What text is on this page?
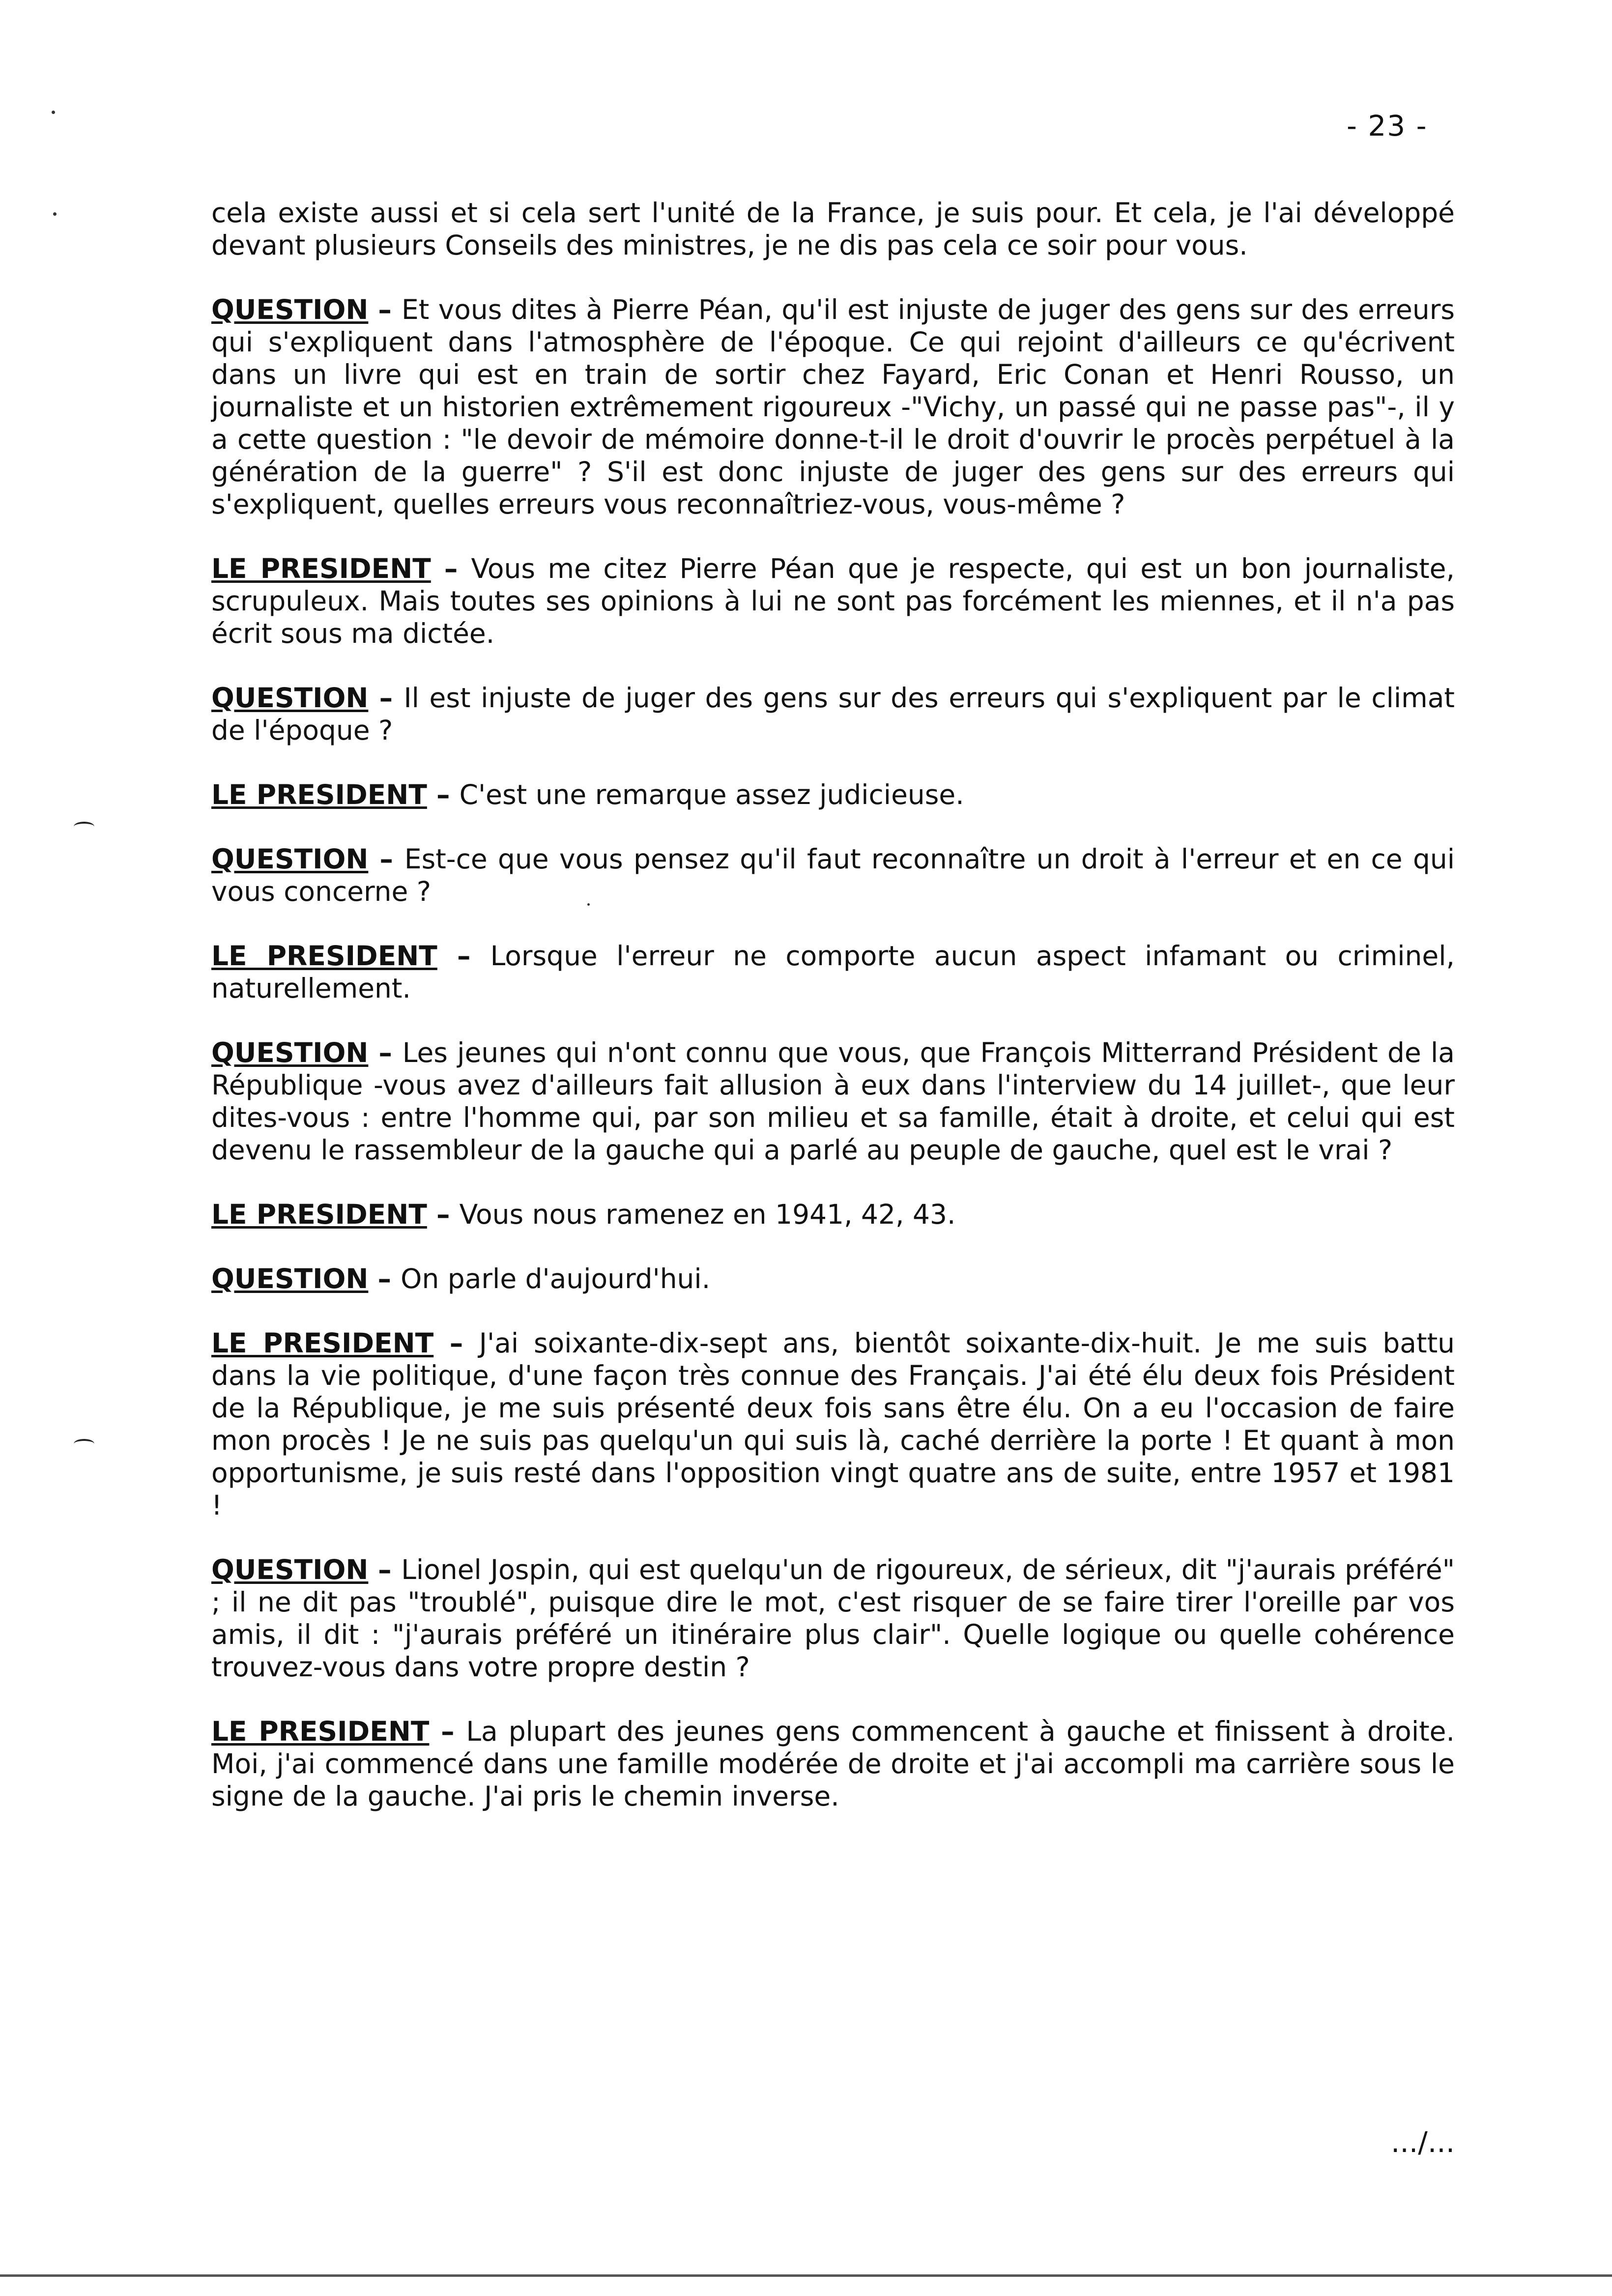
- 23 -

cela existe aussi et si cela sert l'unité de la France, je suis pour. Et cela, je l'ai développé devant plusieurs Conseils des ministres, je ne dis pas cela ce soir pour vous.

QUESTION – Et vous dites à Pierre Péan, qu'il est injuste de juger des gens sur des erreurs qui s'expliquent dans l'atmosphère de l'époque. Ce qui rejoint d'ailleurs ce qu'écrivent dans un livre qui est en train de sortir chez Fayard, Eric Conan et Henri Rousso, un journaliste et un historien extrêmement rigoureux -"Vichy, un passé qui ne passe pas"-, il y a cette question : "le devoir de mémoire donne-t-il le droit d'ouvrir le procès perpétuel à la génération de la guerre" ? S'il est donc injuste de juger des gens sur des erreurs qui s'expliquent, quelles erreurs vous reconnaîtriez-vous, vous-même ?

LE PRESIDENT – Vous me citez Pierre Péan que je respecte, qui est un bon journaliste, scrupuleux. Mais toutes ses opinions à lui ne sont pas forcément les miennes, et il n'a pas écrit sous ma dictée.

QUESTION – Il est injuste de juger des gens sur des erreurs qui s'expliquent par le climat de l'époque ?

LE PRESIDENT – C'est une remarque assez judicieuse.

QUESTION – Est-ce que vous pensez qu'il faut reconnaître un droit à l'erreur et en ce qui vous concerne ?

LE PRESIDENT – Lorsque l'erreur ne comporte aucun aspect infamant ou criminel, naturellement.

QUESTION – Les jeunes qui n'ont connu que vous, que François Mitterrand Président de la République -vous avez d'ailleurs fait allusion à eux dans l'interview du 14 juillet-, que leur dites-vous : entre l'homme qui, par son milieu et sa famille, était à droite, et celui qui est devenu le rassembleur de la gauche qui a parlé au peuple de gauche, quel est le vrai ?

LE PRESIDENT – Vous nous ramenez en 1941, 42, 43.

QUESTION – On parle d'aujourd'hui.

LE PRESIDENT – J'ai soixante-dix-sept ans, bientôt soixante-dix-huit. Je me suis battu dans la vie politique, d'une façon très connue des Français. J'ai été élu deux fois Président de la République, je me suis présenté deux fois sans être élu. On a eu l'occasion de faire mon procès ! Je ne suis pas quelqu'un qui suis là, caché derrière la porte ! Et quant à mon opportunisme, je suis resté dans l'opposition vingt quatre ans de suite, entre 1957 et 1981 !

QUESTION – Lionel Jospin, qui est quelqu'un de rigoureux, de sérieux, dit "j'aurais préféré" ; il ne dit pas "troublé", puisque dire le mot, c'est risquer de se faire tirer l'oreille par vos amis, il dit : "j'aurais préféré un itinéraire plus clair". Quelle logique ou quelle cohérence trouvez-vous dans votre propre destin ?

LE PRESIDENT – La plupart des jeunes gens commencent à gauche et finissent à droite. Moi, j'ai commencé dans une famille modérée de droite et j'ai accompli ma carrière sous le signe de la gauche. J'ai pris le chemin inverse.

.../...
